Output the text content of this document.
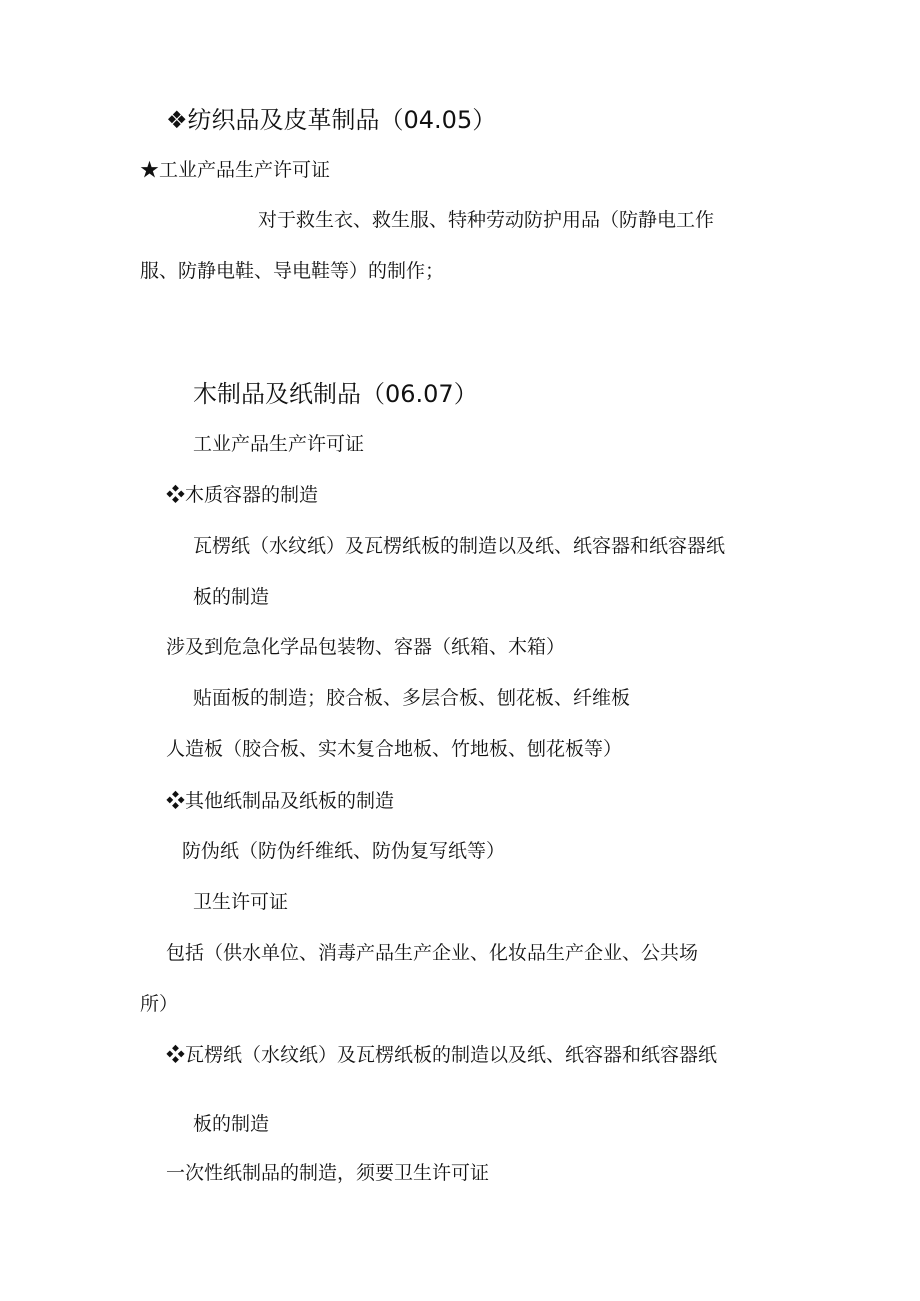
❖纺织品及皮革制品（04.05）
★工业产品生产许可证
对于救生衣、救生服、特种劳动防护用品（防静电工作
服、防静电鞋、导电鞋等）的制作；
木制品及纸制品（06.07）
工业产品生产许可证
❖木质容器的制造
瓦楞纸（水纹纸）及瓦楞纸板的制造以及纸、纸容器和纸容器纸
板的制造
涉及到危急化学品包装物、容器（纸箱、木箱）
贴面板的制造；胶合板、多层合板、刨花板、纤维板
人造板（胶合板、实木复合地板、竹地板、刨花板等）
❖其他纸制品及纸板的制造
防伪纸（防伪纤维纸、防伪复写纸等）
卫生许可证
包括（供水单位、消毒产品生产企业、化妆品生产企业、公共场
所）
❖瓦楞纸（水纹纸）及瓦楞纸板的制造以及纸、纸容器和纸容器纸
板的制造
一次性纸制品的制造，须要卫生许可证
